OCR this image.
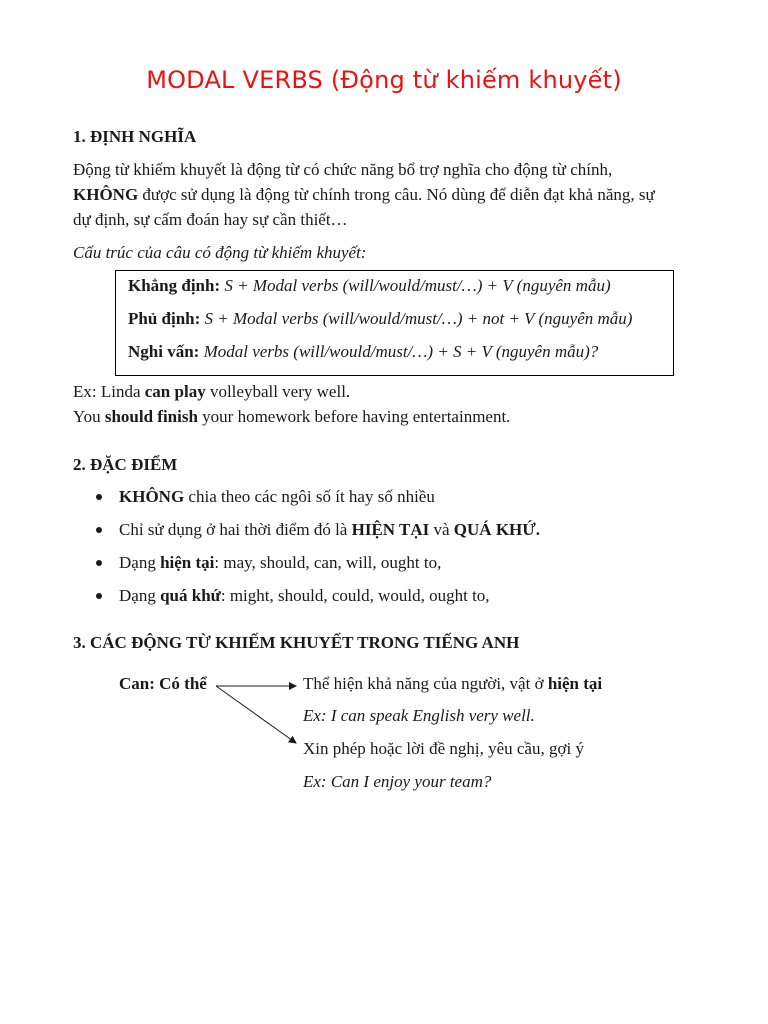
MODAL VERBS (Động từ khiếm khuyết)
1. ĐỊNH NGHĨA
Động từ khiếm khuyết là động từ có chức năng bổ trợ nghĩa cho động từ chính,
KHÔNG được sử dụng là động từ chính trong câu. Nó dùng để diễn đạt khả năng, sự
dự định, sự cấm đoán hay sự cần thiết…
Cấu trúc của câu có động từ khiếm khuyết:
Khẳng định: S + Modal verbs (will/would/must/…) + V (nguyên mẫu)
Phủ định: S + Modal verbs (will/would/must/…) + not + V (nguyên mẫu)
Nghi vấn: Modal verbs (will/would/must/…) + S + V (nguyên mẫu)?
Ex: Linda can play volleyball very well.
You should finish your homework before having entertainment.
2. ĐẶC ĐIỂM
KHÔNG chia theo các ngôi số ít hay số nhiều
Chỉ sử dụng ở hai thời điểm đó là HIỆN TẠI và QUÁ KHỨ.
Dạng hiện tại: may, should, can, will, ought to,
Dạng quá khứ: might, should, could, would, ought to,
3. CÁC ĐỘNG TỪ KHIẾM KHUYẾT TRONG TIẾNG ANH
Can: Có thể	Thể hiện khả năng của người, vật ở hiện tại
Ex: I can speak English very well.
Xin phép hoặc lời đề nghị, yêu cầu, gợi ý
Ex: Can I enjoy your team?
